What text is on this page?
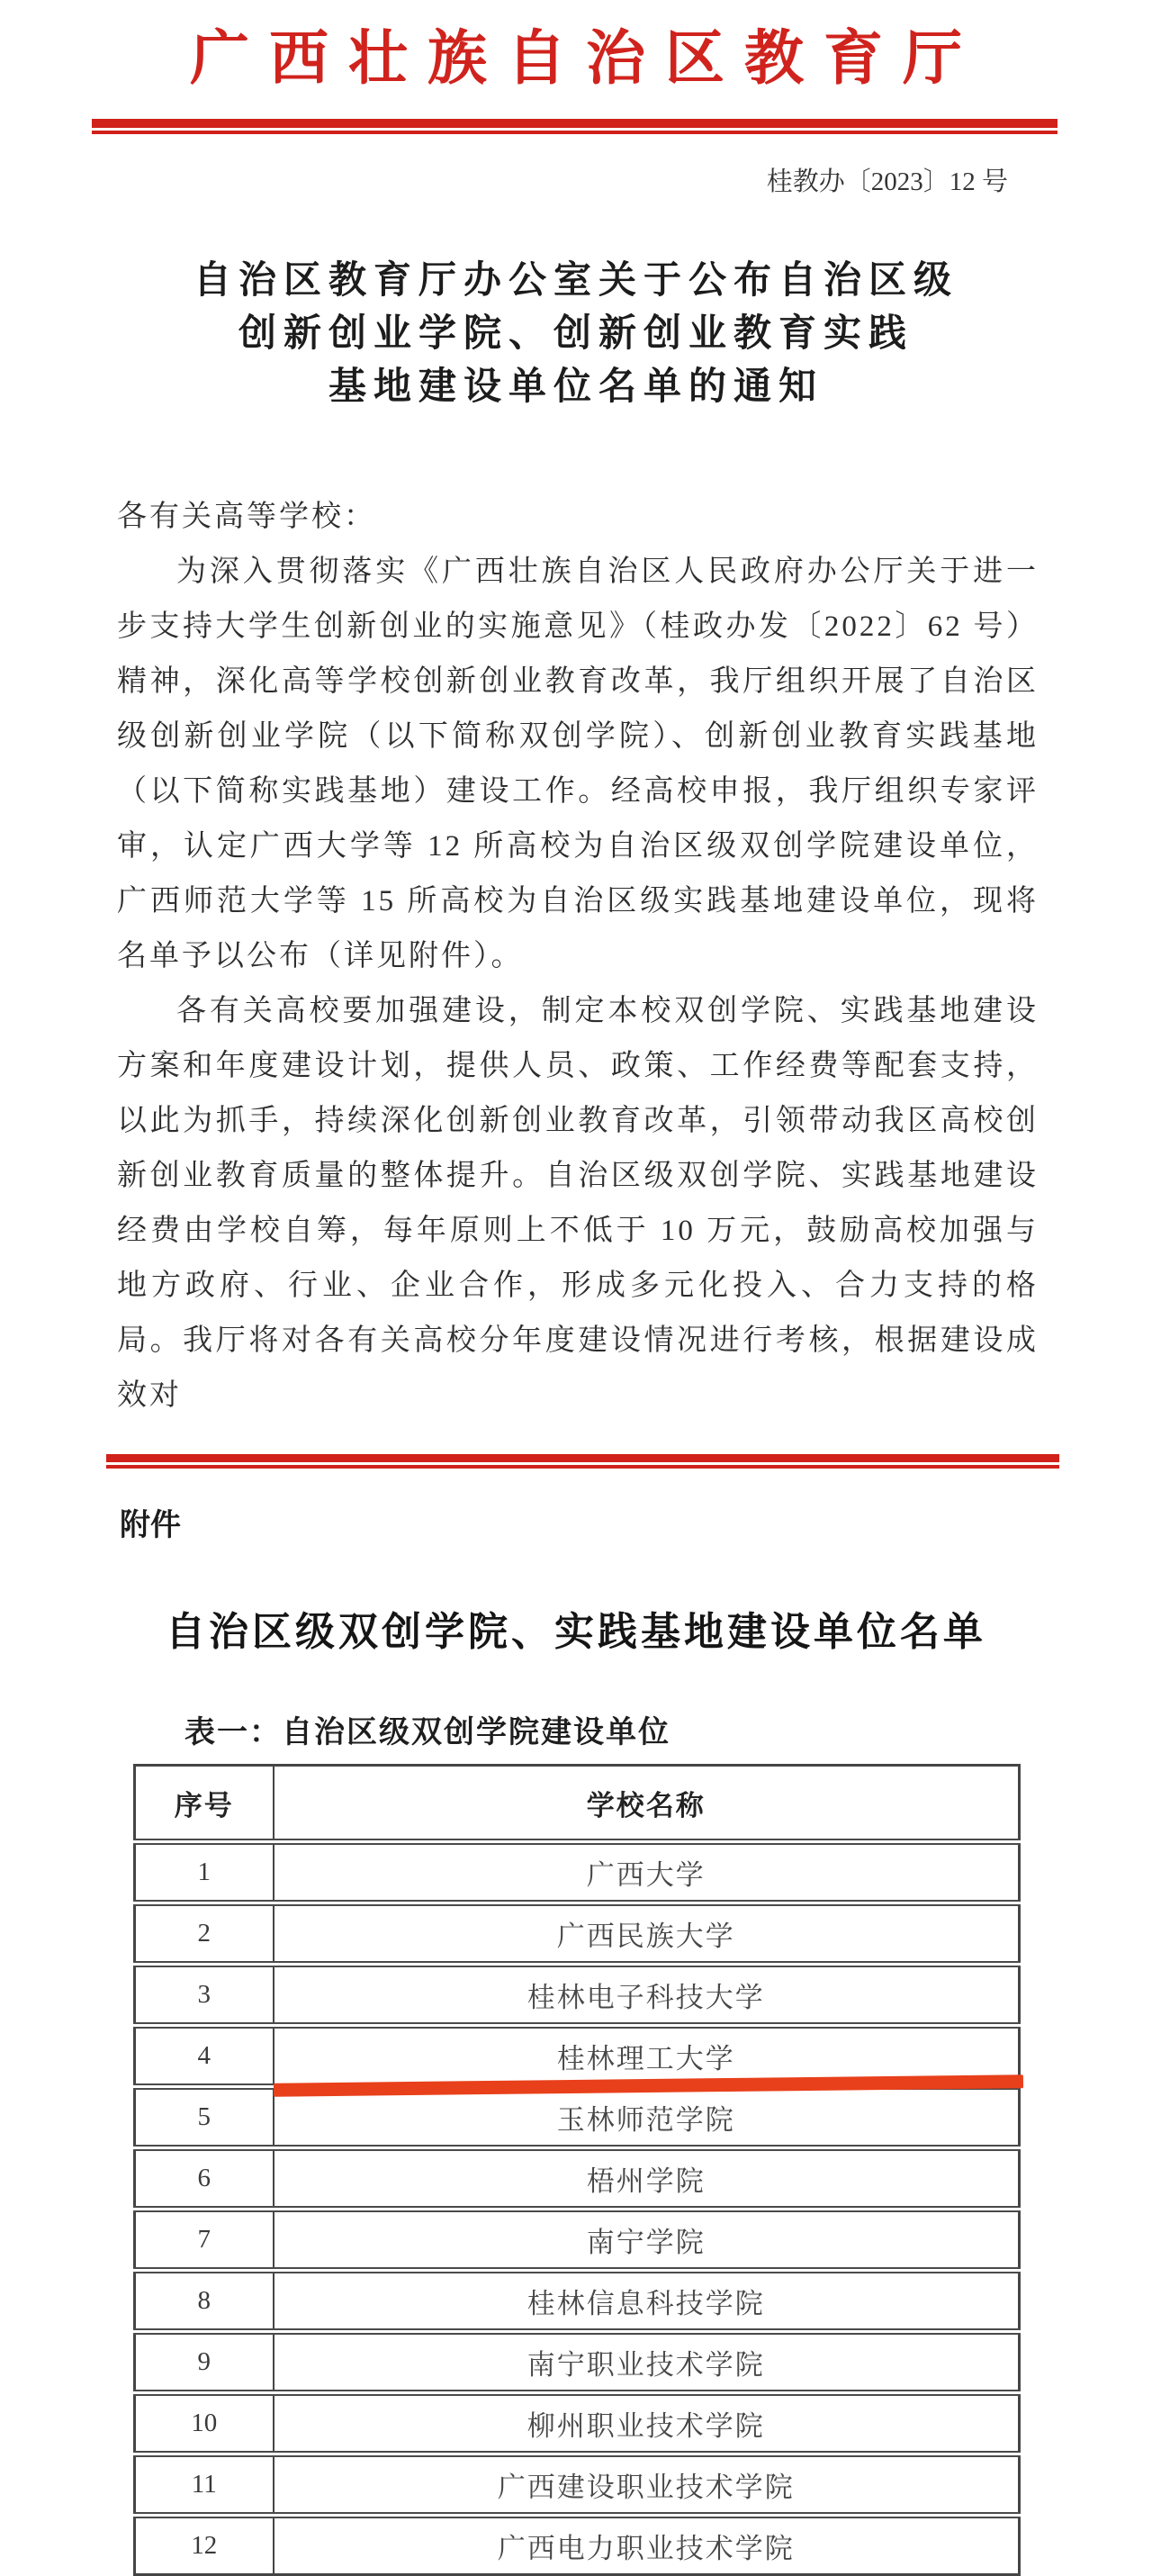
广西壮族自治区教育厅
桂教办〔2023〕12 号
自治区教育厅办公室关于公布自治区级
创新创业学院、创新创业教育实践
基地建设单位名单的通知

各有关高等学校：

为深入贯彻落实《广西壮族自治区人民政府办公厅关于进一步支持大学生创新创业的实施意见》（桂政办发〔2022〕62 号）精神，深化高等学校创新创业教育改革，我厅组织开展了自治区级创新创业学院（以下简称双创学院）、创新创业教育实践基地（以下简称实践基地）建设工作。经高校申报，我厅组织专家评审，认定广西大学等 12 所高校为自治区级双创学院建设单位，广西师范大学等 15 所高校为自治区级实践基地建设单位，现将名单予以公布（详见附件）。

各有关高校要加强建设，制定本校双创学院、实践基地建设方案和年度建设计划，提供人员、政策、工作经费等配套支持，以此为抓手，持续深化创新创业教育改革，引领带动我区高校创新创业教育质量的整体提升。自治区级双创学院、实践基地建设经费由学校自筹，每年原则上不低于 10 万元，鼓励高校加强与地方政府、行业、企业合作，形成多元化投入、合力支持的格局。我厅将对各有关高校分年度建设情况进行考核，根据建设成效对

附件
自治区级双创学院、实践基地建设单位名单
表一：自治区级双创学院建设单位
序号	学校名称
1	广西大学
2	广西民族大学
3	桂林电子科技大学
4	桂林理工大学

5	玉林师范学院
6	梧州学院
7	南宁学院
8	桂林信息科技学院
9	南宁职业技术学院
10	柳州职业技术学院
11	广西建设职业技术学院
12	广西电力职业技术学院
